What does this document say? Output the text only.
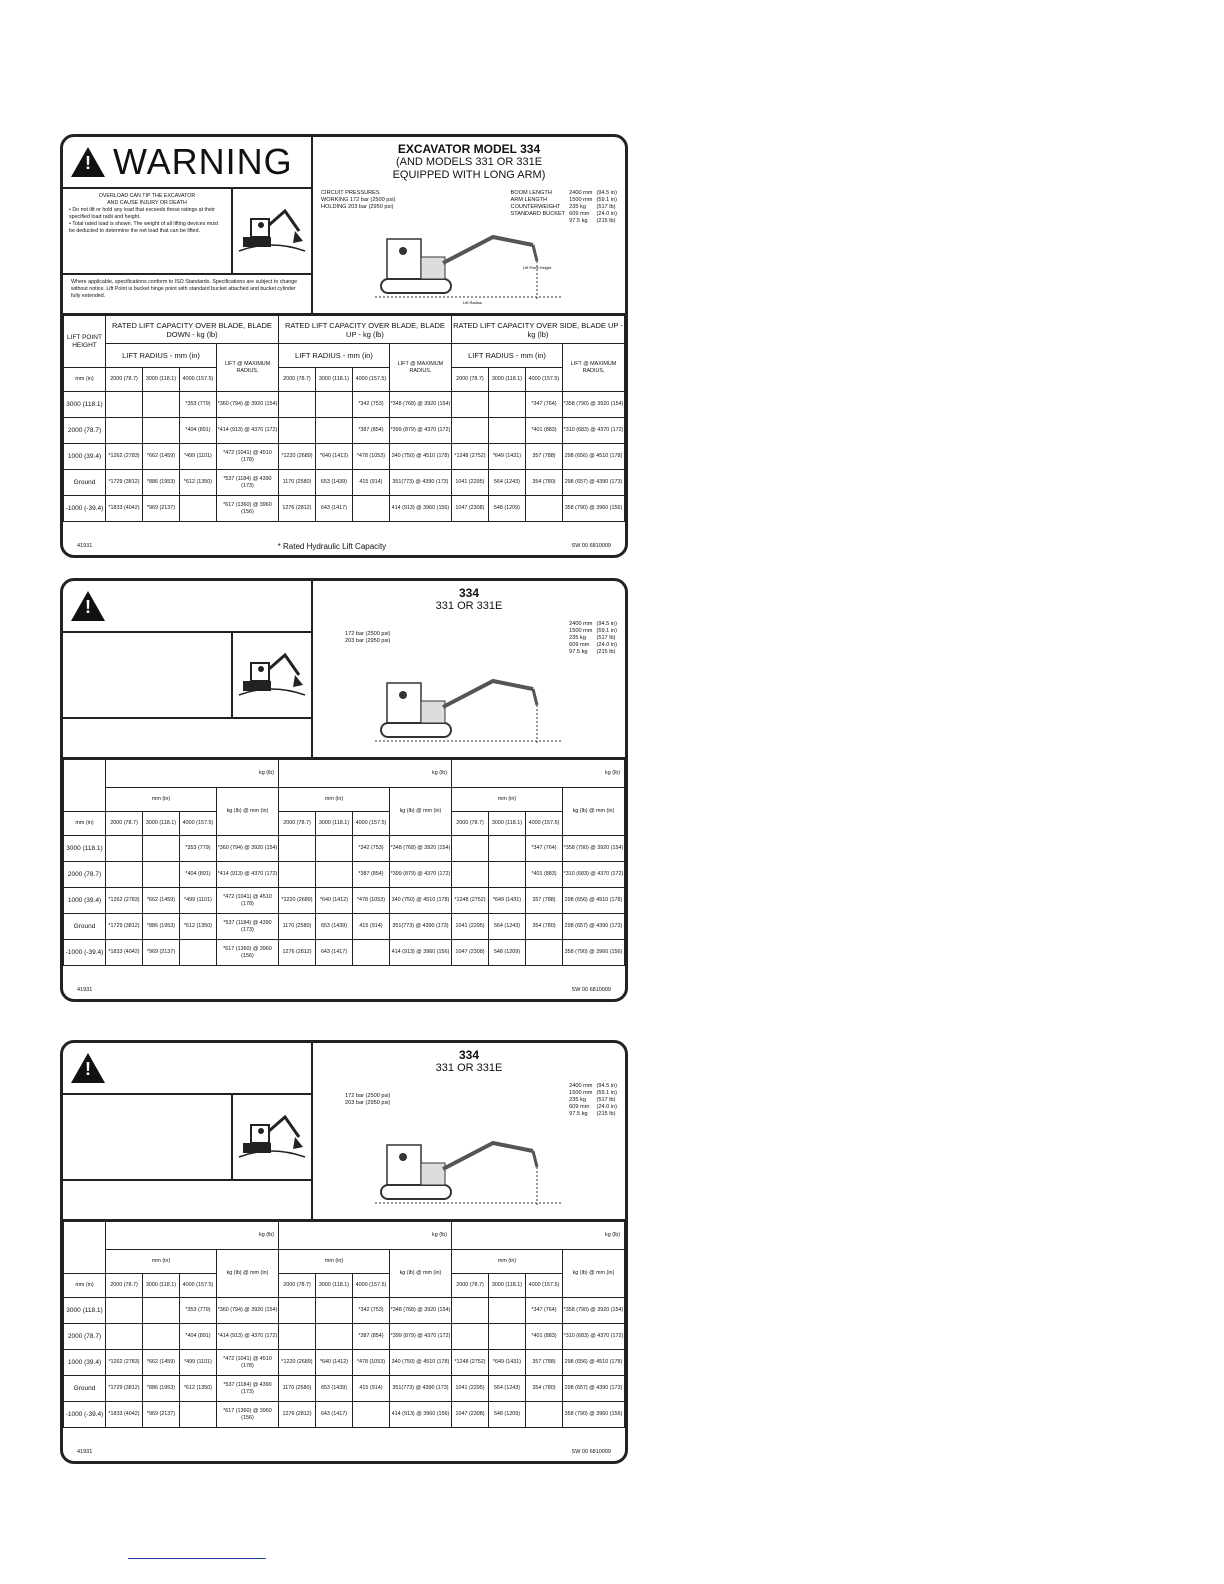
! WARNING
OVERLOAD CAN TIP THE EXCAVATOR
AND CAUSE INJURY OR DEATH
• Do not lift or hold any load that exceeds these ratings at their specified load radii and height.
• Total rated load is shown. The weight of all lifting devices must be deducted to determine the net load that can be lifted.
Where applicable, specifications conform to ISO Standards. Specifications are subject to change without notice. Lift Point is bucket hinge point with standard bucket attached and bucket cylinder fully extended.
EXCAVATOR MODEL 334
(AND MODELS 331 OR 331E
EQUIPPED WITH LONG ARM)
CIRCUIT PRESSURES
WORKING 172 bar (2500 psi)
HOLDING 203 bar (2950 psi)
BOOM LENGTH	2400 mm	(94.5 in)
ARM LENGTH	1500 mm	(59.1 in)
COUNTERWEIGHT	235 kg	(517 lb)
STANDARD BUCKET	609 mm	(24.0 in)
	97.5 kg	(215 lb)
Lift Point Height
Lift Radius
LIFT POINT HEIGHT	RATED LIFT CAPACITY OVER BLADE, BLADE DOWN - kg (lb)				RATED LIFT CAPACITY OVER BLADE, BLADE UP - kg (lb)				RATED LIFT CAPACITY OVER SIDE, BLADE UP - kg (lb)			
	LIFT RADIUS - mm (in)			LIFT @ MAXIMUM RADIUS,	LIFT RADIUS - mm (in)			LIFT @ MAXIMUM RADIUS,	LIFT RADIUS - mm (in)			LIFT @ MAXIMUM RADIUS,
mm (in)	2000 (78.7)	3000 (118.1)	4000 (157.5)		2000 (78.7)	3000 (118.1)	4000 (157.5)		2000 (78.7)	3000 (118.1)	4000 (157.5)	
3000 (118.1)			*353 (779)	*360 (794) @ 3920 (154)			*342 (753)	*348 (768) @ 3920 (154)			*347 (764)	*358 (790) @ 3920 (154)
2000 (78.7)			*404 (891)	*414 (913) @ 4370 (172)			*387 (854)	*399 (879) @ 4370 (172)			*401 (883)	*310 (683) @ 4370 (172)
1000 (39.4)	*1262 (2783)	*662 (1459)	*499 (1101)	*472 (1041) @ 4510 (178)	*1220 (2689)	*640 (1412)	*478 (1053)	340 (750) @ 4510 (178)	*1248 (2752)	*649 (1431)	357 (788)	298 (656) @ 4510 (178)
Ground	*1729 (3812)	*886 (1953)	*612 (1350)	*537 (1184) @ 4390 (173)	1170 (2580)	653 (1439)	415 (914)	351(773) @ 4390 (173)	1041 (2295)	564 (1243)	354 (780)	298 (657) @ 4390 (173)
-1000 (-39.4)	*1833 (4042)	*969 (2137)		*617 (1360) @ 3960 (156)	1276 (2812)	643 (1417)		414 (913) @ 3960 (156)	1047 (2308)	548 (1209)		358 (790) @ 3960 (156)
41931	* Rated Hydraulic Lift Capacity	SW 00 6810009
!
334
331 OR 331E
172 bar (2500 psi)
203 bar (2950 psi)
2400 mm	(94.5 in)
1500 mm	(59.1 in)
235 kg	(517 lb)
609 mm	(24.0 in)
97.5 kg	(215 lb)
	kg (lb)				kg (lb)				kg (lb)			
	mm (in)			kg (lb) @ mm (in)	mm (in)			kg (lb) @ mm (in)	mm (in)			kg (lb) @ mm (in)
mm (in)	2000 (78.7)	3000 (118.1)	4000 (157.5)		2000 (78.7)	3000 (118.1)	4000 (157.5)		2000 (78.7)	3000 (118.1)	4000 (157.5)	
3000 (118.1)			*353 (779)	*360 (794) @ 3920 (154)			*342 (753)	*348 (768) @ 3920 (154)			*347 (764)	*358 (790) @ 3920 (154)
2000 (78.7)			*404 (891)	*414 (913) @ 4370 (172)			*387 (854)	*399 (879) @ 4370 (172)			*401 (883)	*310 (683) @ 4370 (172)
1000 (39.4)	*1262 (2783)	*662 (1459)	*499 (1101)	*472 (1041) @ 4510 (178)	*1220 (2689)	*640 (1412)	*478 (1053)	340 (750) @ 4510 (178)	*1248 (2752)	*649 (1431)	357 (788)	298 (656) @ 4510 (178)
Ground	*1729 (3812)	*886 (1953)	*612 (1350)	*537 (1184) @ 4390 (173)	1170 (2580)	653 (1439)	415 (914)	351(773) @ 4390 (173)	1041 (2295)	564 (1243)	354 (780)	298 (657) @ 4390 (173)
-1000 (-39.4)	*1833 (4042)	*969 (2137)		*617 (1360) @ 3960 (156)	1276 (2812)	643 (1417)		414 (913) @ 3960 (156)	1047 (2308)	548 (1209)		358 (790) @ 3960 (156)
41931	SW 00 6810009
!
334
331 OR 331E
172 bar (2500 psi)
203 bar (2950 psi)
2400 mm	(94.5 in)
1500 mm	(59.1 in)
235 kg	(517 lb)
609 mm	(24.0 in)
97.5 kg	(215 lb)
	kg (lb)				kg (lb)				kg (lb)			
	mm (in)			kg (lb) @ mm (in)	mm (in)			kg (lb) @ mm (in)	mm (in)			kg (lb) @ mm (in)
mm (in)	2000 (78.7)	3000 (118.1)	4000 (157.5)		2000 (78.7)	3000 (118.1)	4000 (157.5)		2000 (78.7)	3000 (118.1)	4000 (157.5)	
3000 (118.1)			*353 (779)	*360 (794) @ 3920 (154)			*342 (753)	*348 (768) @ 3920 (154)			*347 (764)	*358 (790) @ 3920 (154)
2000 (78.7)			*404 (891)	*414 (913) @ 4370 (172)			*387 (854)	*399 (879) @ 4370 (172)			*401 (883)	*310 (683) @ 4370 (172)
1000 (39.4)	*1262 (2783)	*662 (1459)	*499 (1101)	*472 (1041) @ 4510 (178)	*1220 (2689)	*640 (1412)	*478 (1053)	340 (750) @ 4510 (178)	*1248 (2752)	*649 (1431)	357 (788)	298 (656) @ 4510 (178)
Ground	*1729 (3812)	*886 (1953)	*612 (1350)	*537 (1184) @ 4390 (173)	1170 (2580)	653 (1439)	415 (914)	351(773) @ 4390 (173)	1041 (2295)	564 (1243)	354 (780)	298 (657) @ 4390 (173)
-1000 (-39.4)	*1833 (4042)	*969 (2137)		*617 (1360) @ 3960 (156)	1276 (2812)	643 (1417)		414 (913) @ 3960 (156)	1047 (2308)	548 (1209)		358 (790) @ 3960 (156)
41931	SW 00 6810009
